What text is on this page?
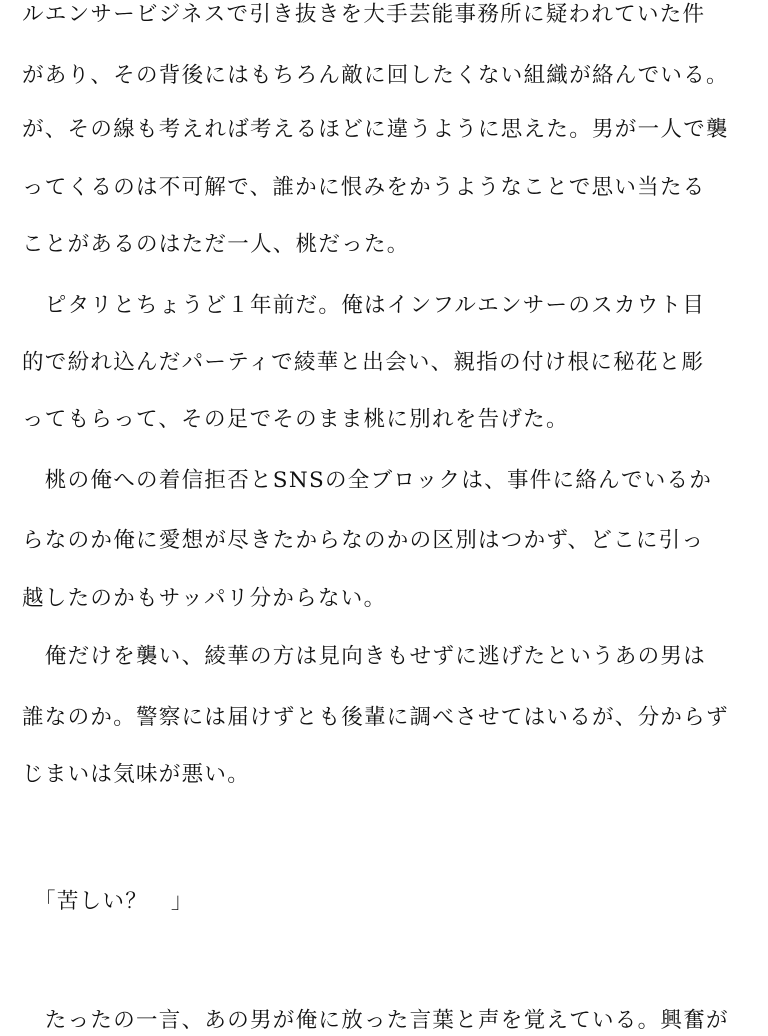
ルエンサービジネスで引き抜きを大手芸能事務所に疑われていた件
があり、その背後にはもちろん敵に回したくない組織が絡んでいる。
が、その線も考えれば考えるほどに違うように思えた。男が一人で襲
ってくるのは不可解で、誰かに恨みをかうようなことで思い当たる
ことがあるのはただ一人、桃だった。
　ピタリとちょうど１年前だ。俺はインフルエンサーのスカウト目
的で紛れ込んだパーティで綾華と出会い、親指の付け根に秘花と彫
ってもらって、その足でそのまま桃に別れを告げた。
　桃の俺への着信拒否とSNSの全ブロックは、事件に絡んでいるか
らなのか俺に愛想が尽きたからなのかの区別はつかず、どこに引っ
越したのかもサッパリ分からない。
　俺だけを襲い、綾華の方は見向きもせずに逃げたというあの男は
誰なのか。警察には届けずとも後輩に調べさせてはいるが、分からず
じまいは気味が悪い。
　「苦しい？　」
　たったの一言、あの男が俺に放った言葉と声を覚えている。興奮が
